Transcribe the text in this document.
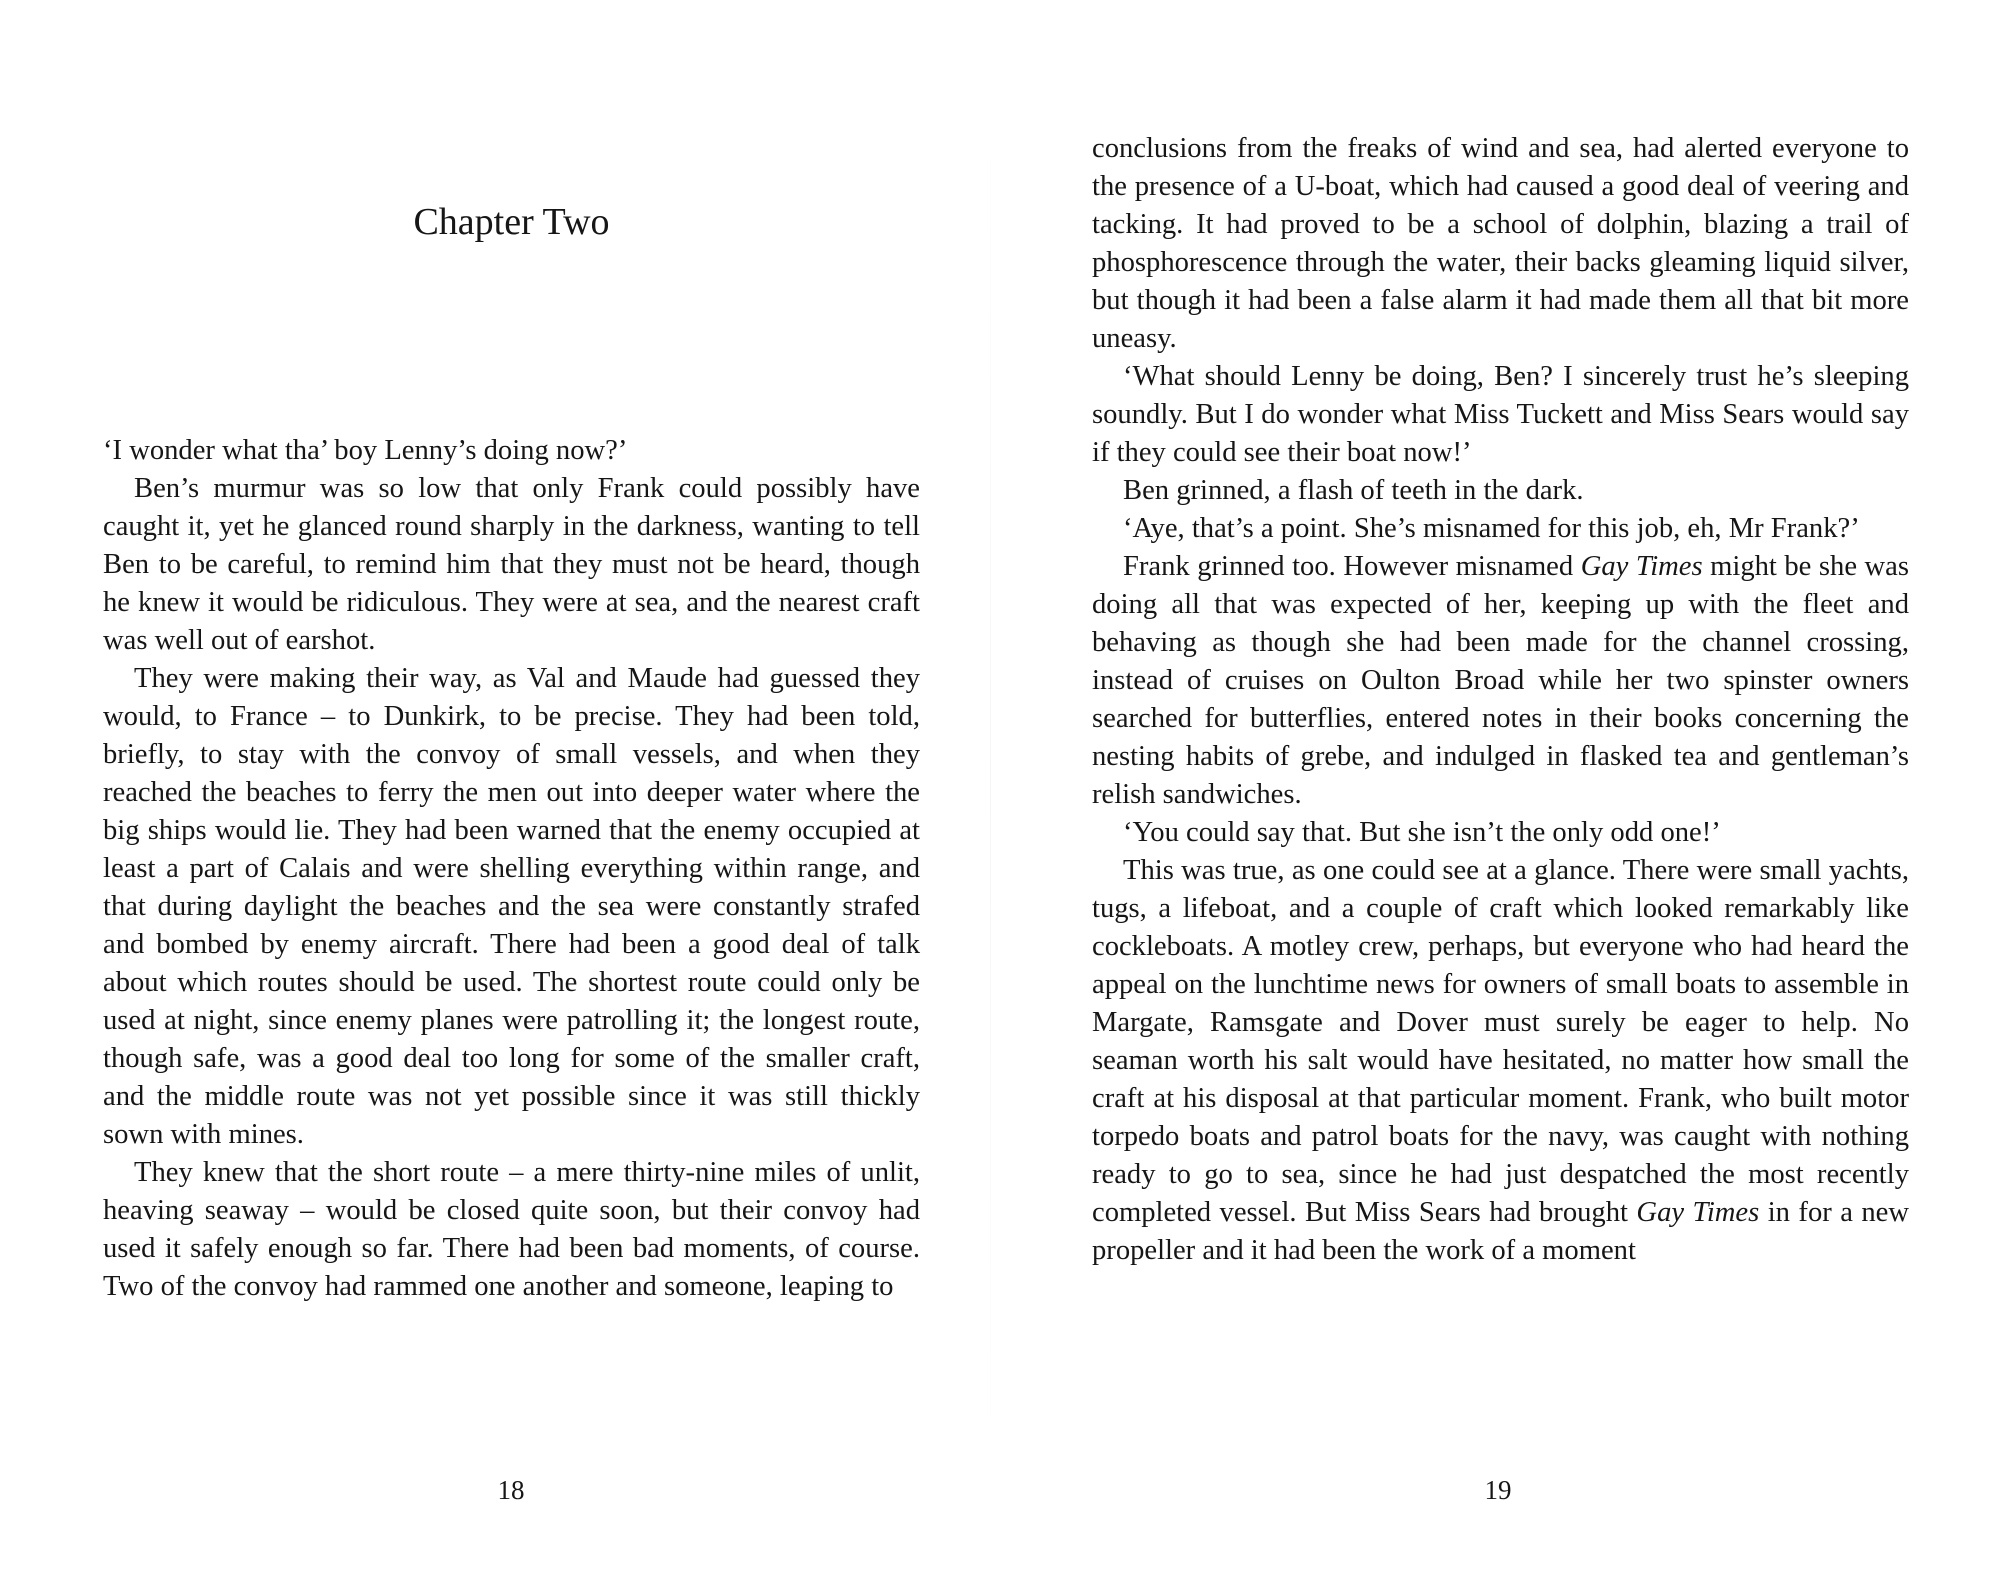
Chapter Two

‘I wonder what tha’ boy Lenny’s doing now?’

Ben’s murmur was so low that only Frank could possibly have caught it, yet he glanced round sharply in the darkness, wanting to tell Ben to be careful, to remind him that they must not be heard, though he knew it would be ridiculous. They were at sea, and the nearest craft was well out of earshot.

They were making their way, as Val and Maude had guessed they would, to France – to Dunkirk, to be precise. They had been told, briefly, to stay with the convoy of small vessels, and when they reached the beaches to ferry the men out into deeper water where the big ships would lie. They had been warned that the enemy occupied at least a part of Calais and were shelling everything within range, and that during daylight the beaches and the sea were constantly strafed and bombed by enemy aircraft. There had been a good deal of talk about which routes should be used. The shortest route could only be used at night, since enemy planes were patrolling it; the longest route, though safe, was a good deal too long for some of the smaller craft, and the middle route was not yet possible since it was still thickly sown with mines.

They knew that the short route – a mere thirty-nine miles of unlit, heaving seaway – would be closed quite soon, but their convoy had used it safely enough so far. There had been bad moments, of course. Two of the convoy had rammed one another and someone, leaping to

18

conclusions from the freaks of wind and sea, had alerted everyone to the presence of a U-boat, which had caused a good deal of veering and tacking. It had proved to be a school of dolphin, blazing a trail of phosphorescence through the water, their backs gleaming liquid silver, but though it had been a false alarm it had made them all that bit more uneasy.

‘What should Lenny be doing, Ben? I sincerely trust he’s sleeping soundly. But I do wonder what Miss Tuckett and Miss Sears would say if they could see their boat now!’

Ben grinned, a flash of teeth in the dark.

‘Aye, that’s a point. She’s misnamed for this job, eh, Mr Frank?’

Frank grinned too. However misnamed Gay Times might be she was doing all that was expected of her, keeping up with the fleet and behaving as though she had been made for the channel crossing, instead of cruises on Oulton Broad while her two spinster owners searched for butterflies, entered notes in their books concerning the nesting habits of grebe, and indulged in flasked tea and gentleman’s relish sandwiches.

‘You could say that. But she isn’t the only odd one!’

This was true, as one could see at a glance. There were small yachts, tugs, a lifeboat, and a couple of craft which looked remarkably like cockleboats. A motley crew, perhaps, but everyone who had heard the appeal on the lunchtime news for owners of small boats to assemble in Margate, Ramsgate and Dover must surely be eager to help. No seaman worth his salt would have hesitated, no matter how small the craft at his disposal at that particular moment. Frank, who built motor torpedo boats and patrol boats for the navy, was caught with nothing ready to go to sea, since he had just despatched the most recently completed vessel. But Miss Sears had brought Gay Times in for a new propeller and it had been the work of a moment

19
